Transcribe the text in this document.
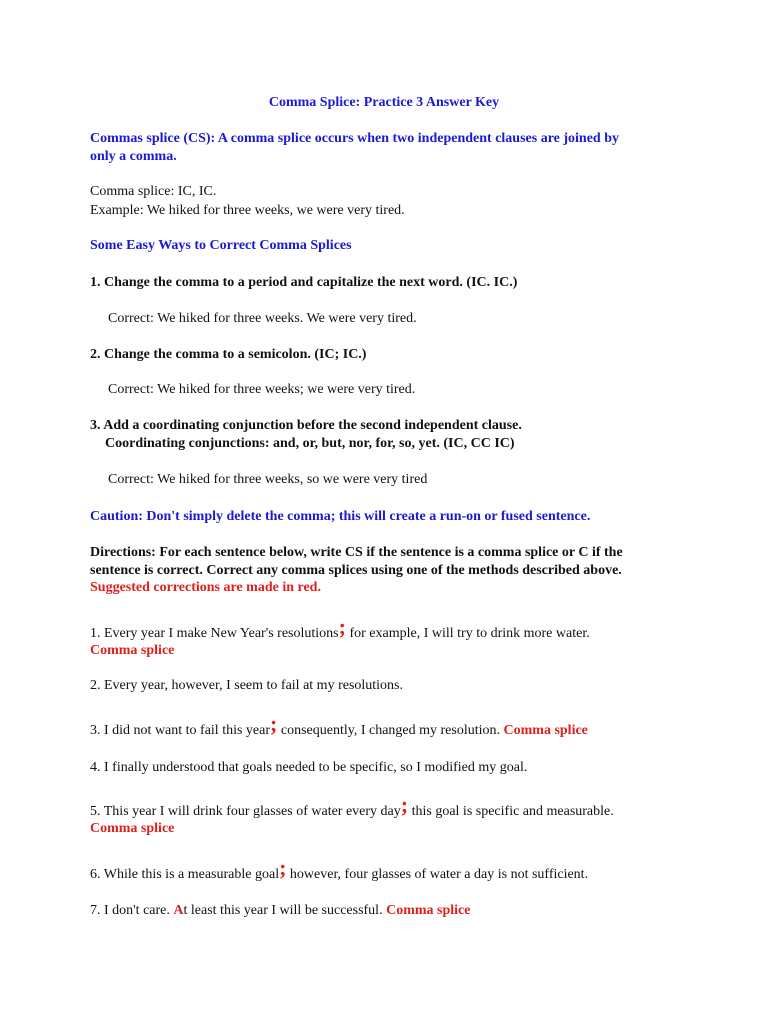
Comma Splice: Practice 3 Answer Key
Commas splice (CS): A comma splice occurs when two independent clauses are joined by
only a comma.
Comma splice: IC, IC.
Example: We hiked for three weeks, we were very tired.
Some Easy Ways to Correct Comma Splices
1. Change the comma to a period and capitalize the next word. (IC. IC.)
Correct: We hiked for three weeks. We were very tired.
2. Change the comma to a semicolon. (IC; IC.)
Correct: We hiked for three weeks; we were very tired.
3. Add a coordinating conjunction before the second independent clause.
Coordinating conjunctions: and, or, but, nor, for, so, yet. (IC, CC IC)
Correct: We hiked for three weeks, so we were very tired
Caution: Don't simply delete the comma; this will create a run-on or fused sentence.
Directions: For each sentence below, write CS if the sentence is a comma splice or C if the
sentence is correct. Correct any comma splices using one of the methods described above.
Suggested corrections are made in red.
1. Every year I make New Year's resolutions; for example, I will try to drink more water.
Comma splice
2. Every year, however, I seem to fail at my resolutions.
3. I did not want to fail this year; consequently, I changed my resolution. Comma splice
4. I finally understood that goals needed to be specific, so I modified my goal.
5. This year I will drink four glasses of water every day; this goal is specific and measurable.
Comma splice
6. While this is a measurable goal; however, four glasses of water a day is not sufficient.
7. I don't care. At least this year I will be successful. Comma splice
